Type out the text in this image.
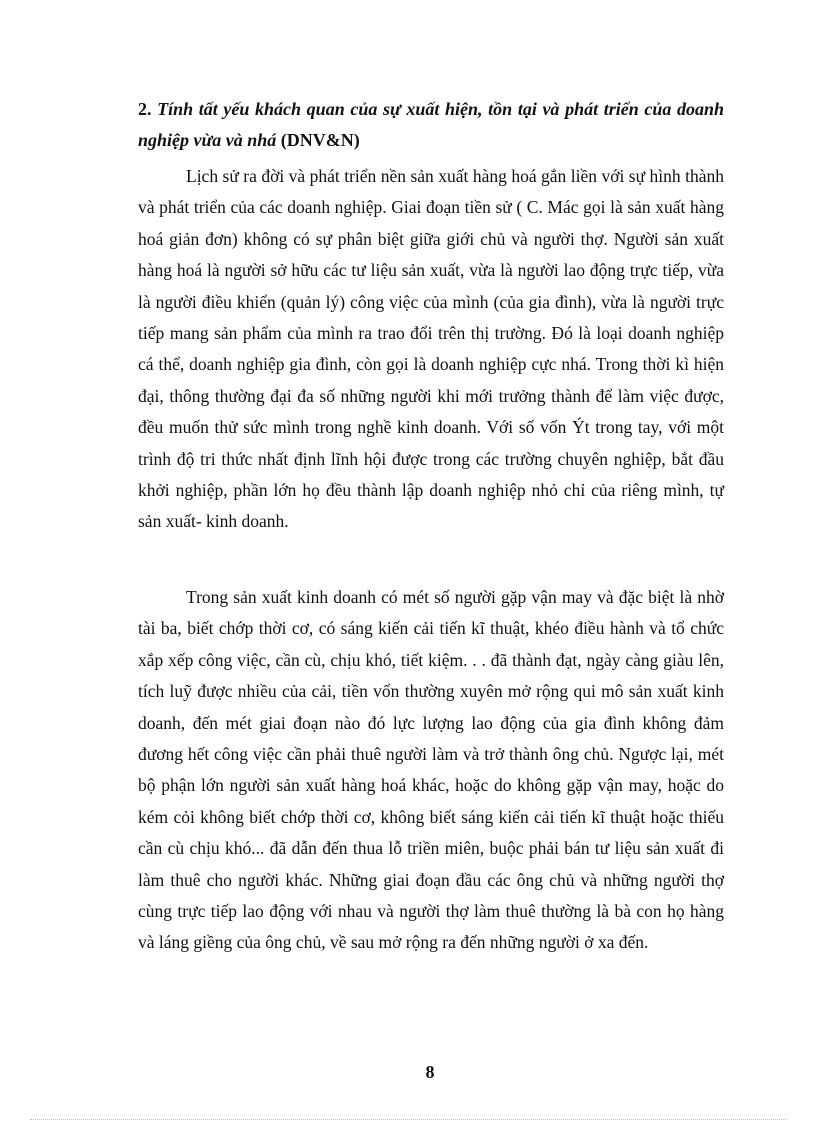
2. Tính tất yếu khách quan của sự xuất hiện, tồn tại và phát triển của doanh nghiệp vừa và nhá (DNV&N)

Lịch sử ra đời và phát triển nền sản xuất hàng hoá gắn liền với sự hình thành và phát triển của các doanh nghiệp. Giai đoạn tiền sử ( C. Mác gọi là sản xuất hàng hoá giản đơn) không có sự phân biệt giữa giới chủ và người thợ. Người sản xuất hàng hoá là người sở hữu các tư liệu sản xuất, vừa là người lao động trực tiếp, vừa là người điều khiển (quản lý) công việc của mình (của gia đình), vừa là người trực tiếp mang sản phẩm của mình ra trao đổi trên thị trường. Đó là loại doanh nghiệp cá thể, doanh nghiệp gia đình, còn gọi là doanh nghiệp cực nhá. Trong thời kì hiện đại, thông thường đại đa số những người khi mới trưởng thành để làm việc được, đều muốn thử sức mình trong nghề kinh doanh. Với số vốn Ýt trong tay, với một trình độ tri thức nhất định lĩnh hội được trong các trường chuyên nghiệp, bắt đầu khởi nghiệp, phần lớn họ đều thành lập doanh nghiệp nhỏ chỉ của riêng mình, tự sản xuất- kinh doanh.

Trong sản xuất kinh doanh có mét số người gặp vận may và đặc biệt là nhờ tài ba, biết chớp thời cơ, có sáng kiến cải tiến kĩ thuật, khéo điều hành và tổ chức xắp xếp công việc, cần cù, chịu khó, tiết kiệm. . . đã thành đạt, ngày càng giàu lên, tích luỹ được nhiều của cải, tiền vốn thường xuyên mở rộng qui mô sản xuất kinh doanh, đến mét giai đoạn nào đó lực lượng lao động của gia đình không đảm đương hết công việc cần phải thuê người làm và trở thành ông chủ. Ngược lại, mét bộ phận lớn người sản xuất hàng hoá khác, hoặc do không gặp vận may, hoặc do kém cỏi không biết chớp thời cơ, không biết sáng kiến cải tiến kĩ thuật hoặc thiếu cần cù chịu khó... đã dẫn đến thua lỗ triền miên, buộc phải bán tư liệu sản xuất đi làm thuê cho người khác. Những giai đoạn đầu các ông chủ và những người thợ cùng trực tiếp lao động với nhau và người thợ làm thuê thường là bà con họ hàng và láng giềng của ông chủ, về sau mở rộng ra đến những người ở xa đến.

8
